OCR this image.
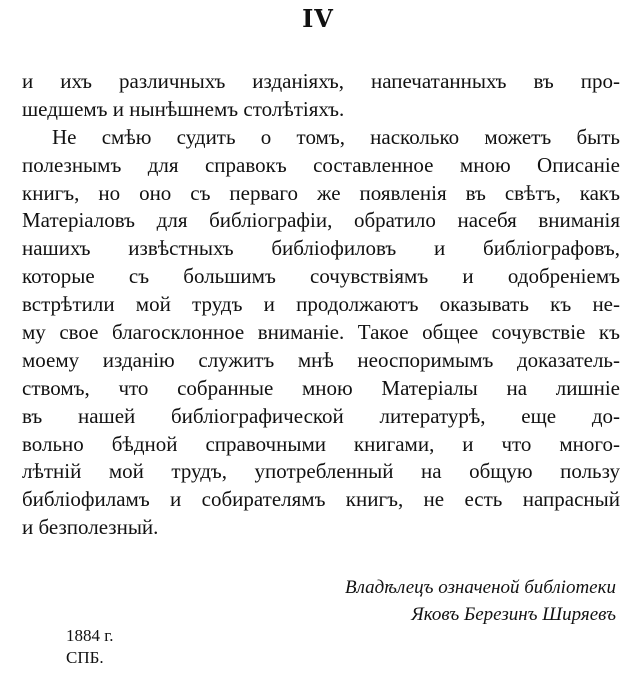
IV
и ихъ различныхъ изданіяхъ, напечатанныхъ въ про-
шедшемъ и нынѣшнемъ столѣтіяхъ.
Не смѣю судить о томъ, насколько можетъ быть
полезнымъ для справокъ составленное мною Описаніе
книгъ, но оно съ перваго же появленія въ свѣтъ, какъ
Матеріаловъ для библіографіи, обратило насебя вниманія
нашихъ извѣстныхъ библіофиловъ и библіографовъ,
которые съ большимъ сочувствіямъ и одобреніемъ
встрѣтили мой трудъ и продолжаютъ оказывать къ не-
му свое благосклонное вниманіе. Такое общее сочувствіе къ
моему изданію служитъ мнѣ неоспоримымъ доказатель-
ствомъ, что собранные мною Матеріалы на лишніе
въ нашей библіографической литературѣ, еще до-
вольно бѣдной справочными книгами, и что много-
лѣтній мой трудъ, употребленный на общую пользу
библіофиламъ и собирателямъ книгъ, не есть напрасный
и безполезный.
Владѣлецъ означеной библіотеки
Яковъ Березинъ Ширяевъ
1884 г.
СПБ.
